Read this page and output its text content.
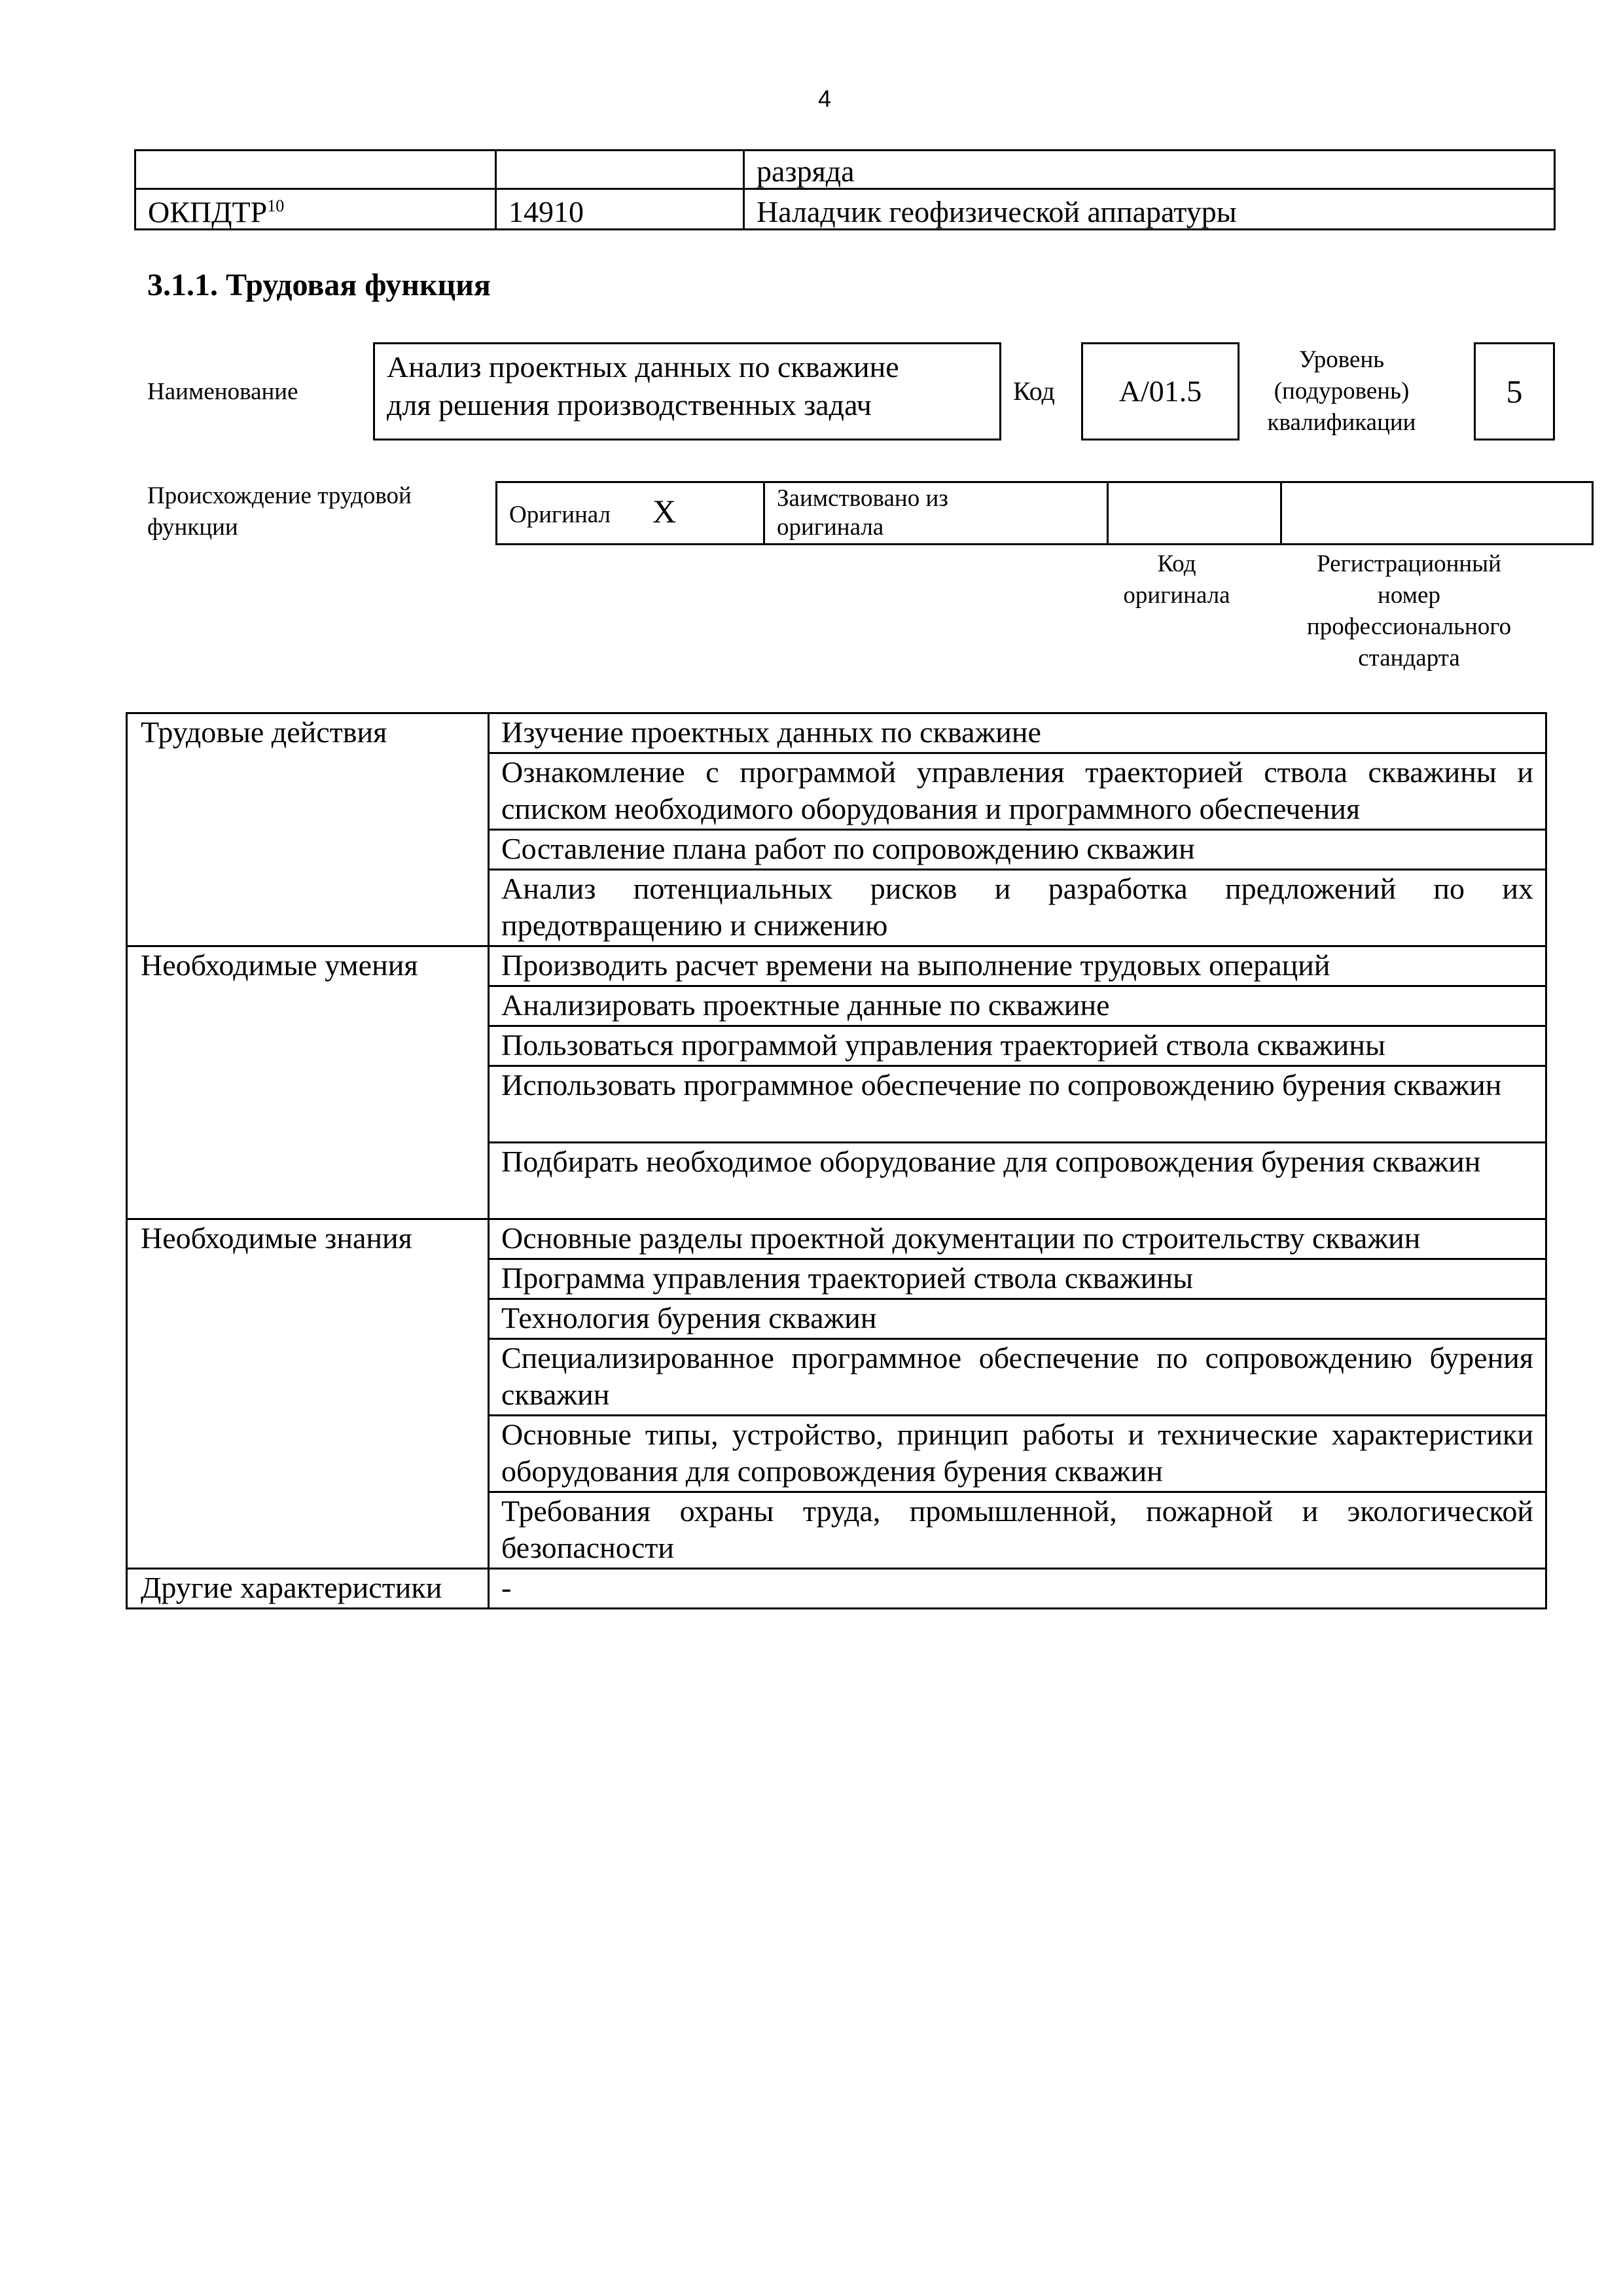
4
		разряда
ОКПДТР$^{10}$	14910	Наладчик геофизической аппаратуры
3.1.1. Трудовая функция
Наименование
Анализ проектных данных по скважине
для решения производственных задач	Код	A/01.5
Уровень
(подуровень)
квалификации
5
Происхождение трудовой
функции	Оригинал X	Заимствовано из
оригинала

Код
оригинала
Регистрационный
номер
профессионального
стандарта
Трудовые действия	Изучение проектных данных по скважине
	Ознакомление с программой управления траекторией ствола скважины и списком необходимого оборудования и программного обеспечения
	Составление плана работ по сопровождению скважин
	Анализ потенциальных рисков и разработка предложений по их предотвращению и снижению
Необходимые умения	Производить расчет времени на выполнение трудовых операций
	Анализировать проектные данные по скважине
	Пользоваться программой управления траекторией ствола скважины
	Использовать программное обеспечение по сопровождению бурения скважин
	Подбирать необходимое оборудование для сопровождения бурения скважин
Необходимые знания	Основные разделы проектной документации по строительству скважин
	Программа управления траекторией ствола скважины
	Технология бурения скважин
	Специализированное программное обеспечение по сопровождению бурения скважин
	Основные типы, устройство, принцип работы и технические характеристики оборудования для сопровождения бурения скважин
	Требования охраны труда, промышленной, пожарной и экологической безопасности
Другие характеристики	-
